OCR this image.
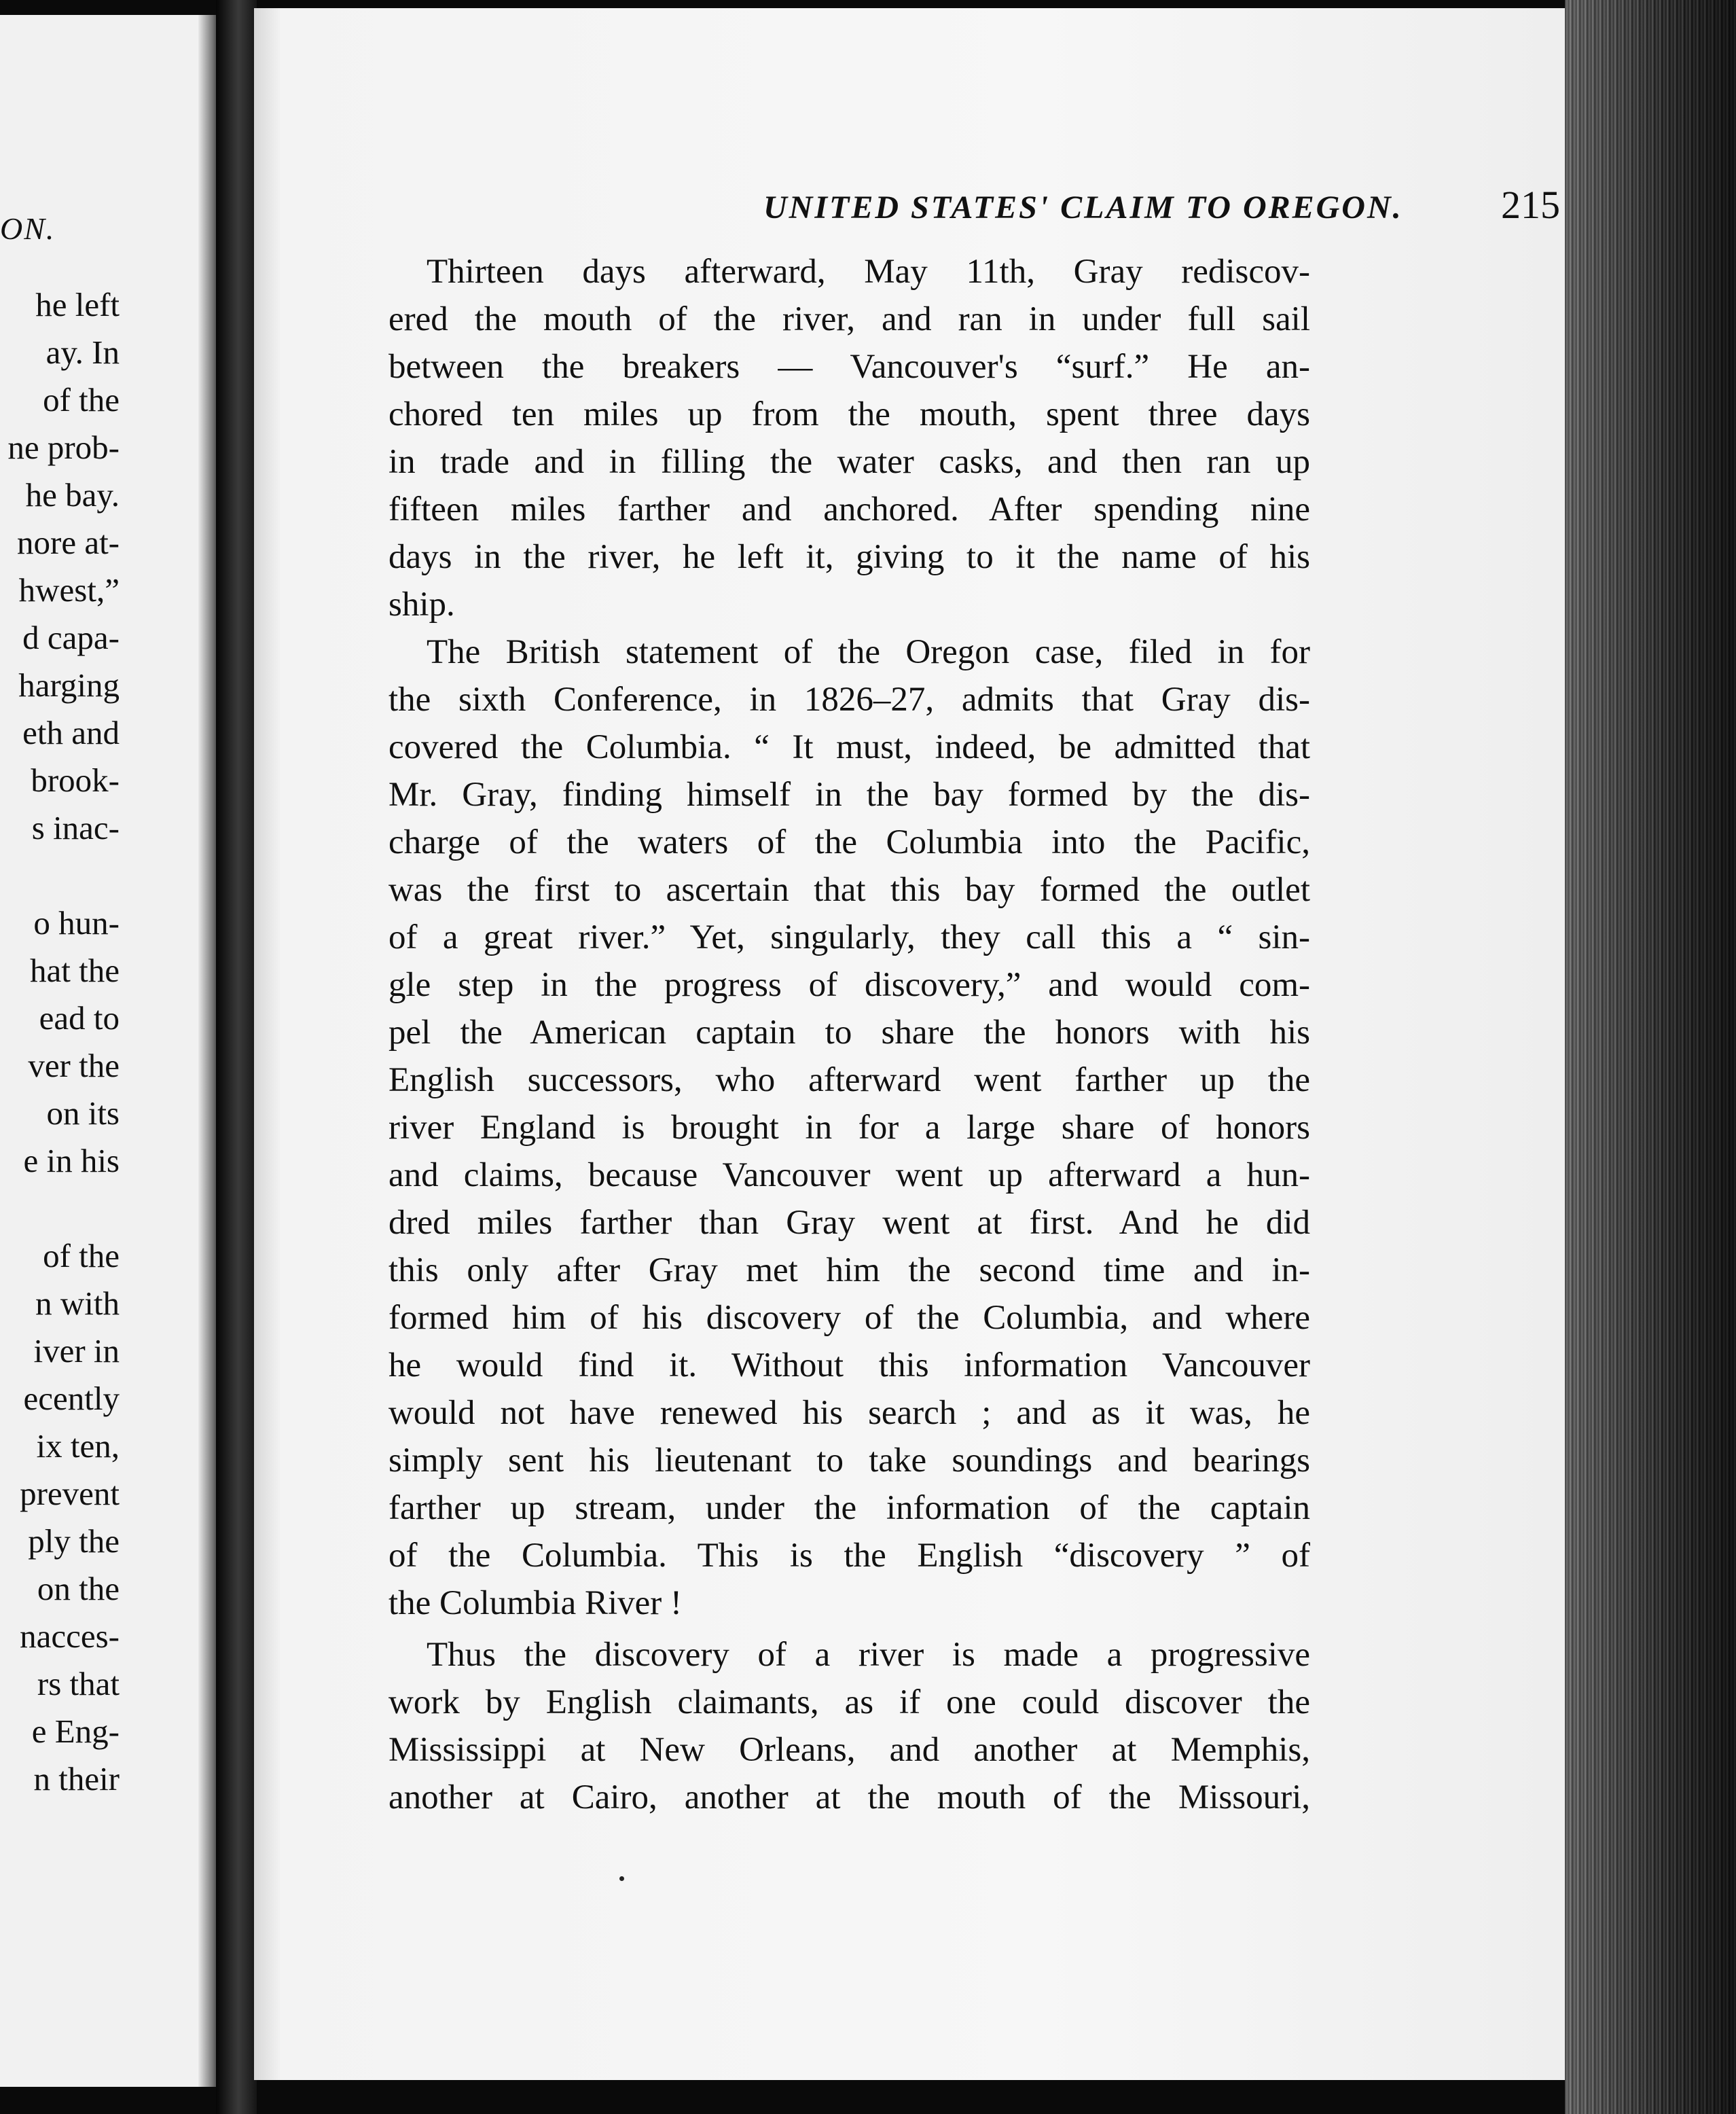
ON.
he left
ay. In
of the
ne prob-
he bay.
nore at-
hwest,”
d capa-
harging
eth and
brook-
s inac-
o hun-
hat the
ead to
ver the
on its
e in his
of the
n with
iver in
ecently
ix ten,
prevent
ply the
on the
nacces-
rs that
e Eng-
n their
UNITED STATES' CLAIM TO OREGON. 215
Thirteen days afterward, May 11th, Gray rediscov-
ered the mouth of the river, and ran in under full sail
between the breakers — Vancouver's “surf.” He an-
chored ten miles up from the mouth, spent three days
in trade and in filling the water casks, and then ran up
fifteen miles farther and anchored. After spending nine
days in the river, he left it, giving to it the name of his
ship.
The British statement of the Oregon case, filed in for
the sixth Conference, in 1826–27, admits that Gray dis-
covered the Columbia. “ It must, indeed, be admitted that
Mr. Gray, finding himself in the bay formed by the dis-
charge of the waters of the Columbia into the Pacific,
was the first to ascertain that this bay formed the outlet
of a great river.” Yet, singularly, they call this a “ sin-
gle step in the progress of discovery,” and would com-
pel the American captain to share the honors with his
English successors, who afterward went farther up the
river England is brought in for a large share of honors
and claims, because Vancouver went up afterward a hun-
dred miles farther than Gray went at first. And he did
this only after Gray met him the second time and in-
formed him of his discovery of the Columbia, and where
he would find it. Without this information Vancouver
would not have renewed his search ; and as it was, he
simply sent his lieutenant to take soundings and bearings
farther up stream, under the information of the captain
of the Columbia. This is the English “discovery ” of
the Columbia River !
Thus the discovery of a river is made a progressive
work by English claimants, as if one could discover the
Mississippi at New Orleans, and another at Memphis,
another at Cairo, another at the mouth of the Missouri,
